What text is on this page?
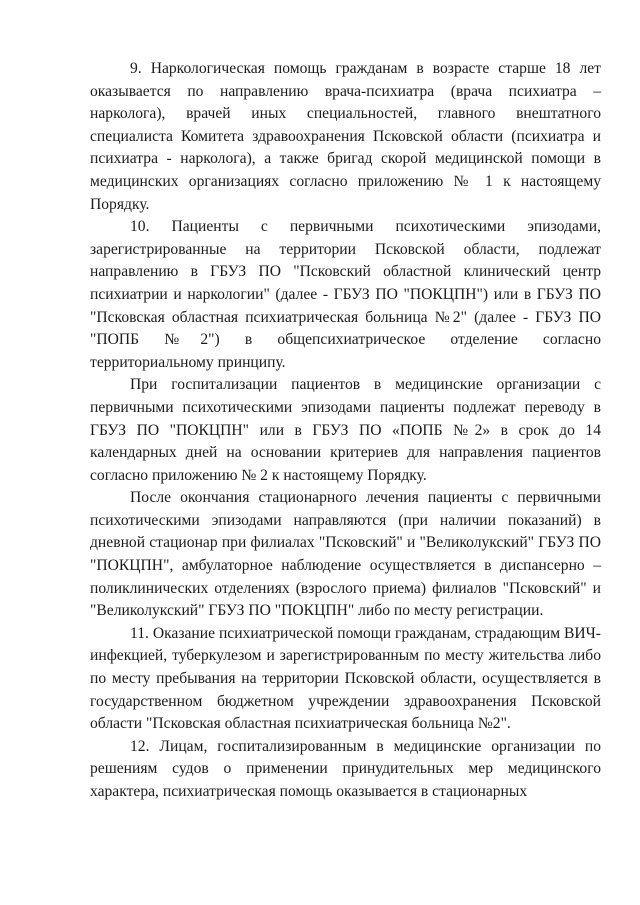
9. Наркологическая помощь гражданам в возрасте старше 18 лет оказывается по направлению врача-психиатра (врача психиатра – нарколога), врачей иных специальностей, главного внештатного специалиста Комитета здравоохранения Псковской области (психиатра и психиатра - нарколога), а также бригад скорой медицинской помощи в медицинских организациях согласно приложению № 1 к настоящему Порядку.

10. Пациенты с первичными психотическими эпизодами, зарегистрированные на территории Псковской области, подлежат направлению в ГБУЗ ПО "Псковский областной клинический центр психиатрии и наркологии" (далее - ГБУЗ ПО "ПОКЦПН") или в ГБУЗ ПО "Псковская областная психиатрическая больница №2" (далее - ГБУЗ ПО "ПОПБ №2") в общепсихиатрическое отделение согласно территориальному принципу.

При госпитализации пациентов в медицинские организации с первичными психотическими эпизодами пациенты подлежат переводу в ГБУЗ ПО "ПОКЦПН" или в ГБУЗ ПО «ПОПБ №2» в срок до 14 календарных дней на основании критериев для направления пациентов согласно приложению № 2 к настоящему Порядку.

После окончания стационарного лечения пациенты с первичными психотическими эпизодами направляются (при наличии показаний) в дневной стационар при филиалах "Псковский" и "Великолукский" ГБУЗ ПО "ПОКЦПН", амбулаторное наблюдение осуществляется в диспансерно – поликлинических отделениях (взрослого приема) филиалов "Псковский" и "Великолукский" ГБУЗ ПО "ПОКЦПН" либо по месту регистрации.

11. Оказание психиатрической помощи гражданам, страдающим ВИЧ-инфекцией, туберкулезом и зарегистрированным по месту жительства либо по месту пребывания на территории Псковской области, осуществляется в государственном бюджетном учреждении здравоохранения Псковской области "Псковская областная психиатрическая больница №2".

12. Лицам, госпитализированным в медицинские организации по решениям судов о применении принудительных мер медицинского характера, психиатрическая помощь оказывается в стационарных
